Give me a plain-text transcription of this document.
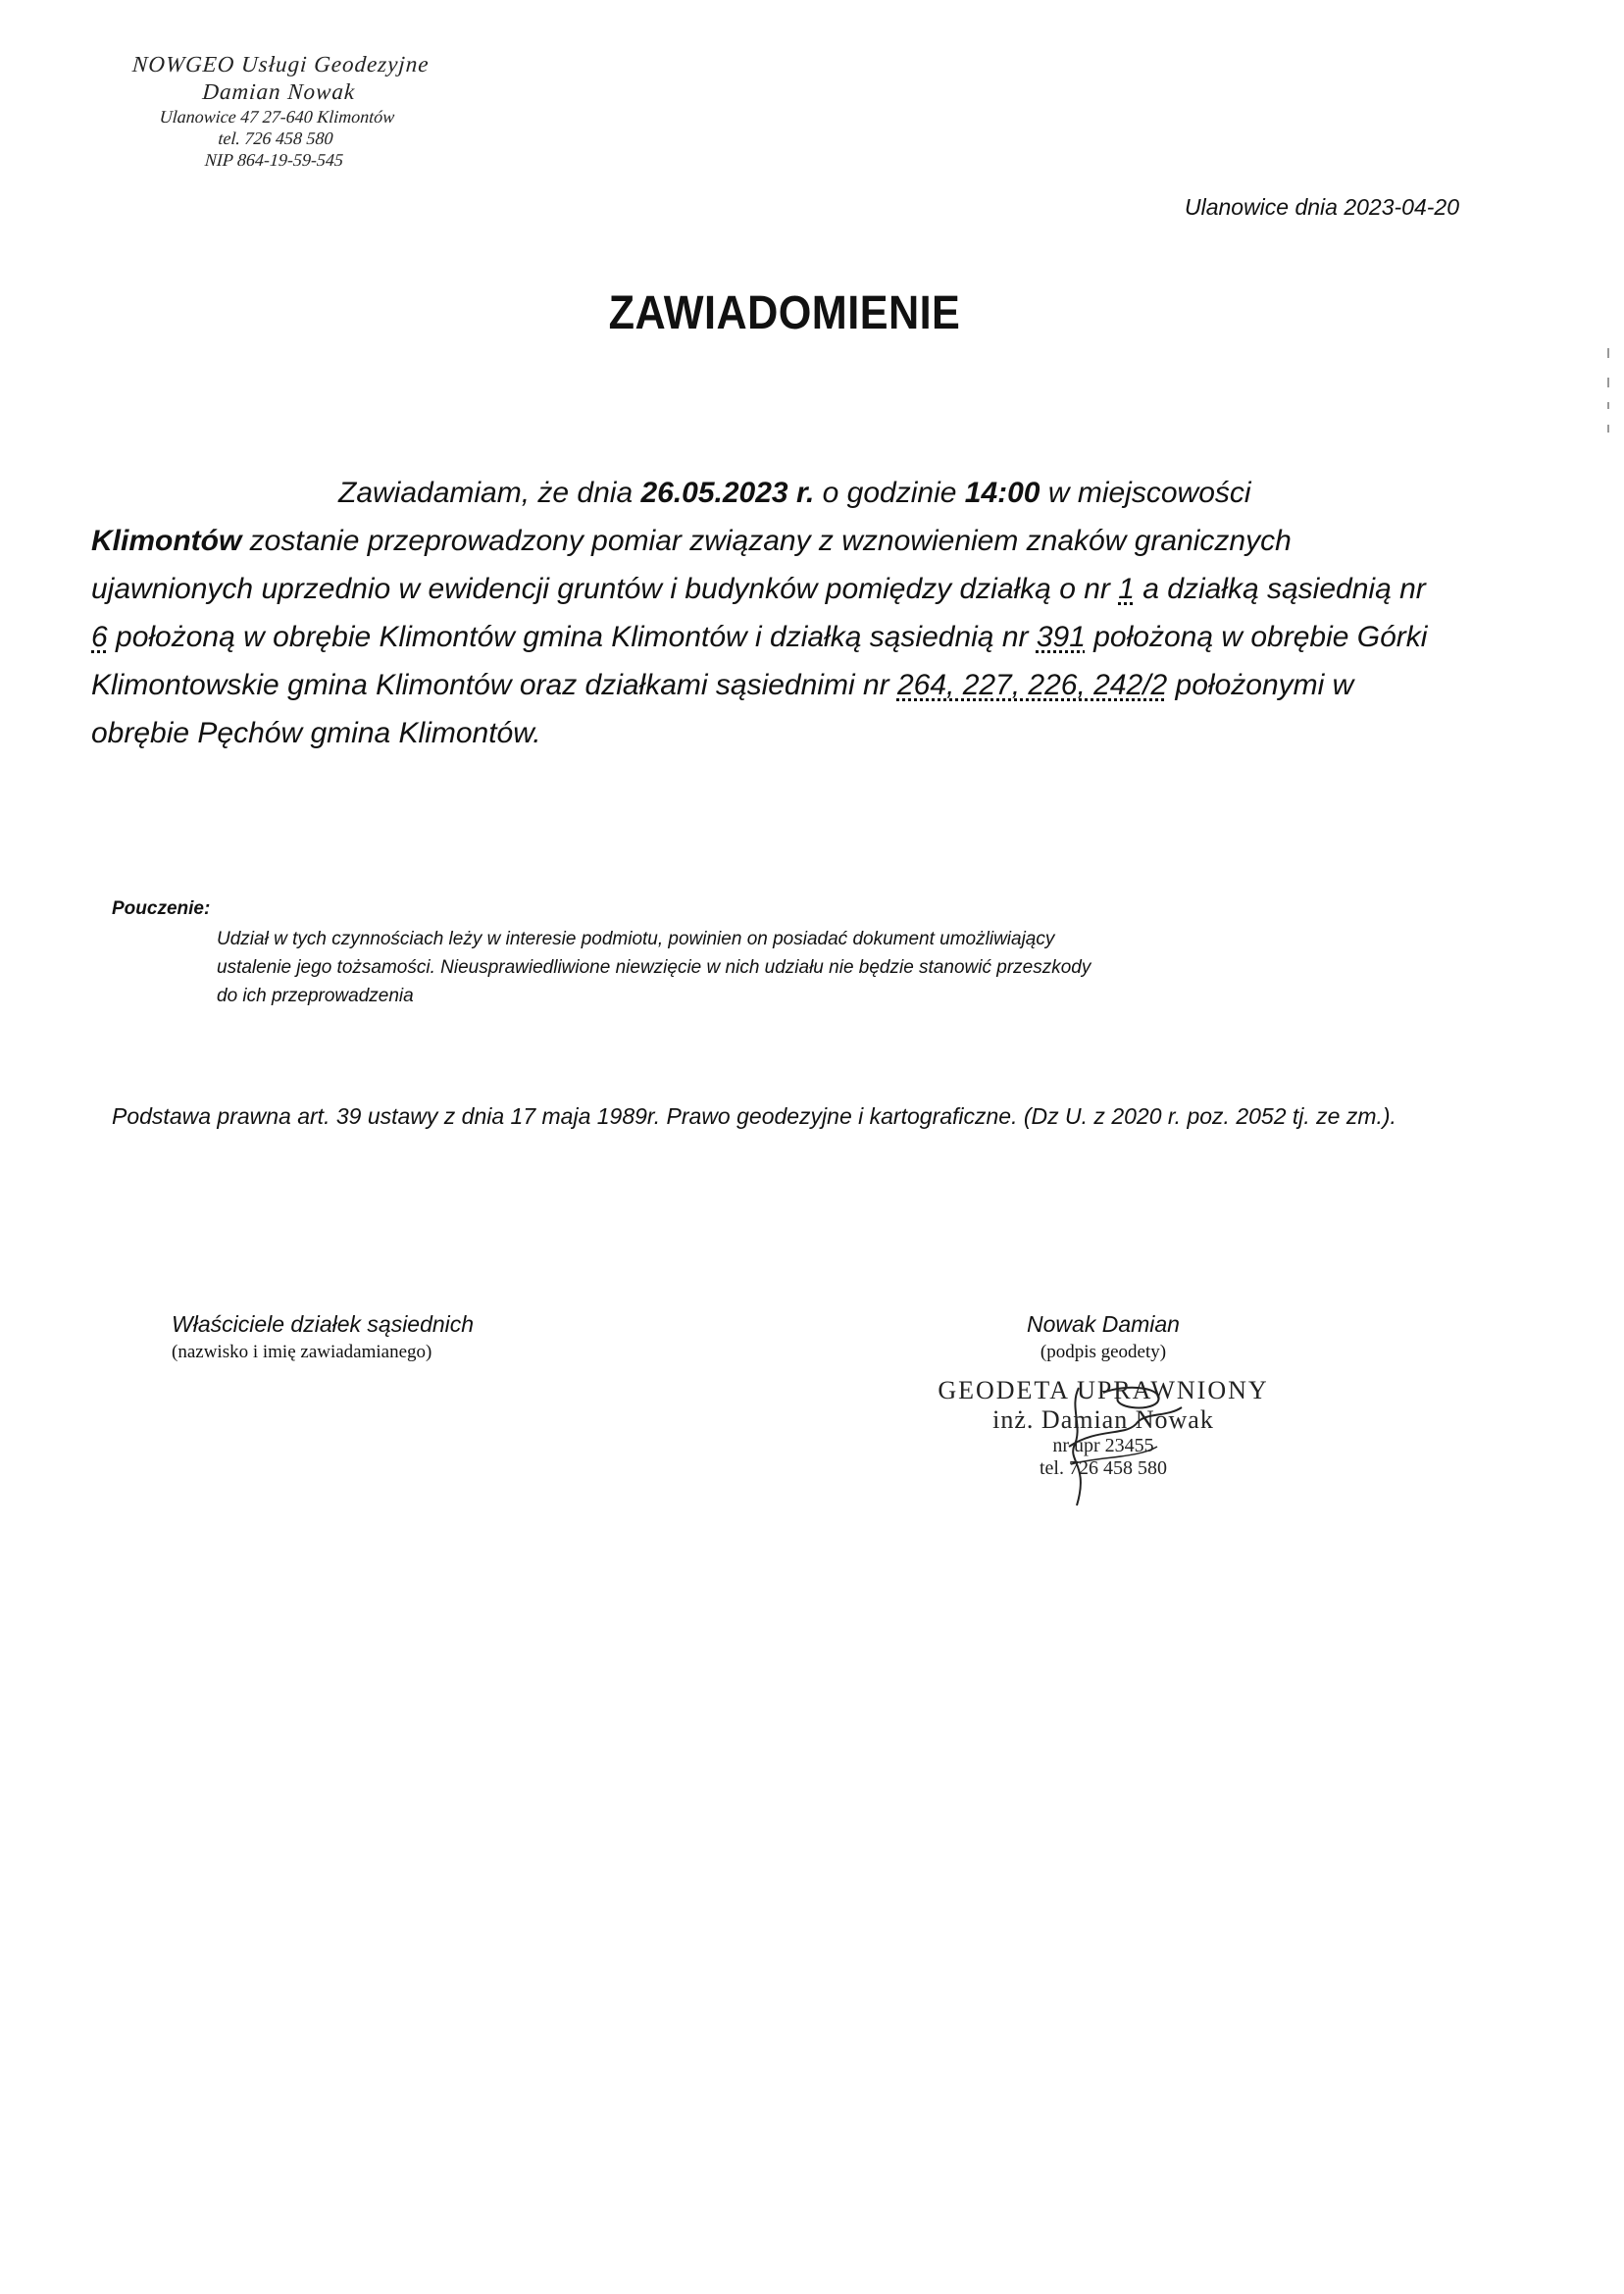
NOWGEO Usługi Geodezyjne
Damian Nowak
Ulanowice 47 27-640 Klimontów
tel. 726 458 580
NIP 864-19-59-545
Ulanowice dnia 2023-04-20
ZAWIADOMIENIE
Zawiadamiam, że dnia 26.05.2023 r. o godzinie 14:00 w miejscowości
Klimontów zostanie przeprowadzony pomiar związany z wznowieniem znaków granicznych ujawnionych uprzednio w ewidencji gruntów i budynków pomiędzy działką o nr 1 a działką sąsiednią nr 6 położoną w obrębie Klimontów gmina Klimontów i działką sąsiednią nr 391 położoną w obrębie Górki Klimontowskie gmina Klimontów oraz działkami sąsiednimi nr 264, 227, 226, 242/2 położonymi w obrębie Pęchów gmina Klimontów.
Pouczenie:
Udział w tych czynnościach leży w interesie podmiotu, powinien on posiadać dokument umożliwiający
ustalenie jego tożsamości. Nieusprawiedliwione niewzięcie w nich udziału nie będzie stanowić przeszkody
do ich przeprowadzenia
Podstawa prawna art. 39 ustawy z dnia 17 maja 1989r. Prawo geodezyjne i kartograficzne. (Dz U. z 2020 r. poz. 2052 tj. ze zm.).
Właściciele działek sąsiednich
(nazwisko i imię zawiadamianego)
Nowak Damian
(podpis geodety)
GEODETA UPRAWNIONY
inż. Damian Nowak
nr upr 23455
tel. 726 458 580
